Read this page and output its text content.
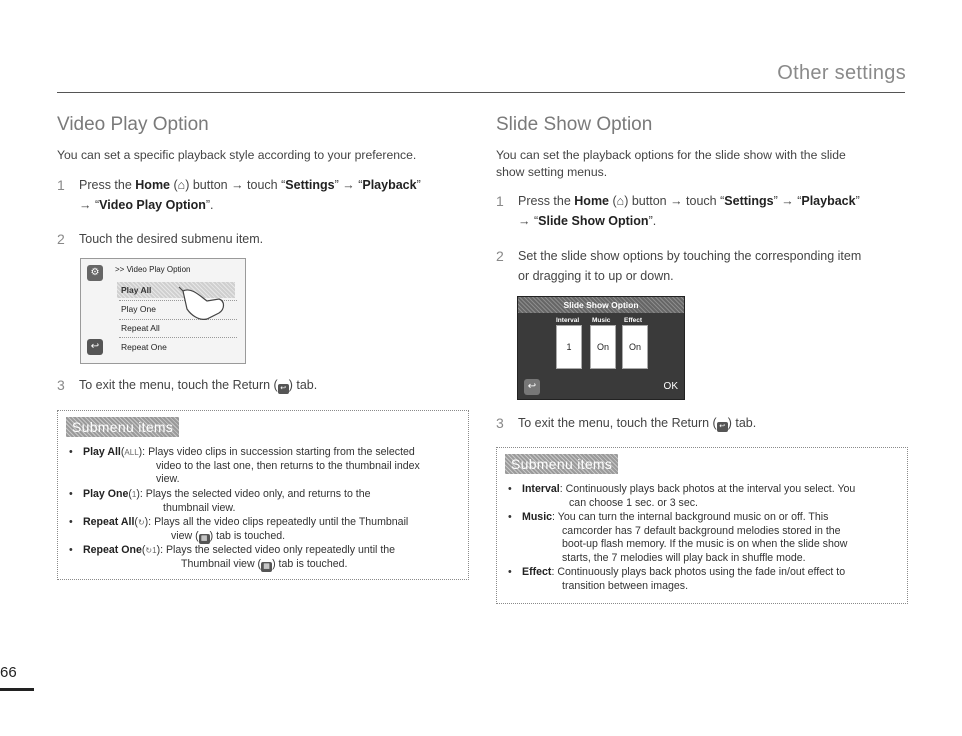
Other settings
Video Play Option
You can set a specific playback style according to your preference.
1 Press the Home (⌂) button → touch “Settings” → “Playback”
→ “Video Play Option”.
2 Touch the desired submenu item.
⚙	>> Video Play Option
Play All
Play One
Repeat All
Repeat One
↩
3 To exit the menu, touch the Return ( ↩ ) tab.
Submenu items
• Play All(ALL): Plays video clips in succession starting from the selected
video to the last one, then returns to the thumbnail index
view.
• Play One(1): Plays the selected video only, and returns to the
thumbnail view.
• Repeat All(↻): Plays all the video clips repeatedly until the Thumbnail
view ( ▦ ) tab is touched.
• Repeat One(↻1): Plays the selected video only repeatedly until the
Thumbnail view ( ▦ ) tab is touched.
Slide Show Option
You can set the playback options for the slide show with the slide
show setting menus.
1 Press the Home (⌂) button → touch “Settings” → “Playback”
→ “Slide Show Option”.
2 Set the slide show options by touching the corresponding item
or dragging it to up or down.
Slide Show Option
Interval Music Effect
1	On	On
↩	OK
3 To exit the menu, touch the Return ( ↩ ) tab.
Submenu items
• Interval: Continuously plays back photos at the interval you select. You
can choose 1 sec. or 3 sec.
• Music: You can turn the internal background music on or off. This
camcorder has 7 default background melodies stored in the
boot-up flash memory. If the music is on when the slide show
starts, the 7 melodies will play back in shuffle mode.
• Effect: Continuously plays back photos using the fade in/out effect to
transition between images.
66
